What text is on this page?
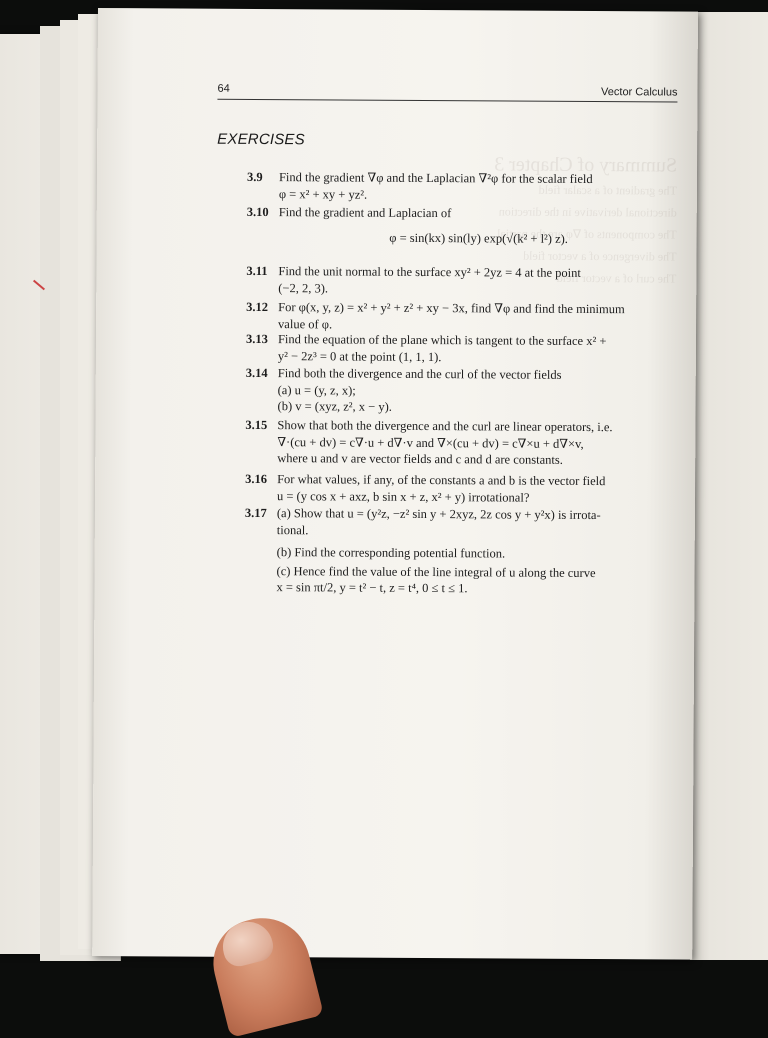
Summary of Chapter 3
The gradient of a scalar field
directional derivative in the direction
The components of ∇φ are the partial
The divergence of a vector field
The curl of a vector field
64	Vector Calculus
EXERCISES
3.9	Find the gradient ∇φ and the Laplacian ∇²φ for the scalar field
φ = x² + xy + yz².
3.10 Find the gradient and Laplacian of
φ = sin(kx) sin(ly) exp(√(k² + l²) z).
3.11 Find the unit normal to the surface xy² + 2yz = 4 at the point
(−2, 2, 3).
3.12 For φ(x, y, z) = x² + y² + z² + xy − 3x, find ∇φ and find the minimum
value of φ.
3.13 Find the equation of the plane which is tangent to the surface x² +
y² − 2z³ = 0 at the point (1, 1, 1).
3.14 Find both the divergence and the curl of the vector fields
(a) u = (y, z, x);
(b) v = (xyz, z², x − y).
3.15 Show that both the divergence and the curl are linear operators, i.e.
∇·(cu + dv) = c∇·u + d∇·v and ∇×(cu + dv) = c∇×u + d∇×v,
where u and v are vector fields and c and d are constants.
3.16 For what values, if any, of the constants a and b is the vector field
u = (y cos x + axz, b sin x + z, x² + y) irrotational?
3.17 (a) Show that u = (y²z, −z² sin y + 2xyz, 2z cos y + y²x) is irrota-
tional.
(b) Find the corresponding potential function.
(c) Hence find the value of the line integral of u along the curve
x = sin πt/2, y = t² − t, z = t⁴, 0 ≤ t ≤ 1.
